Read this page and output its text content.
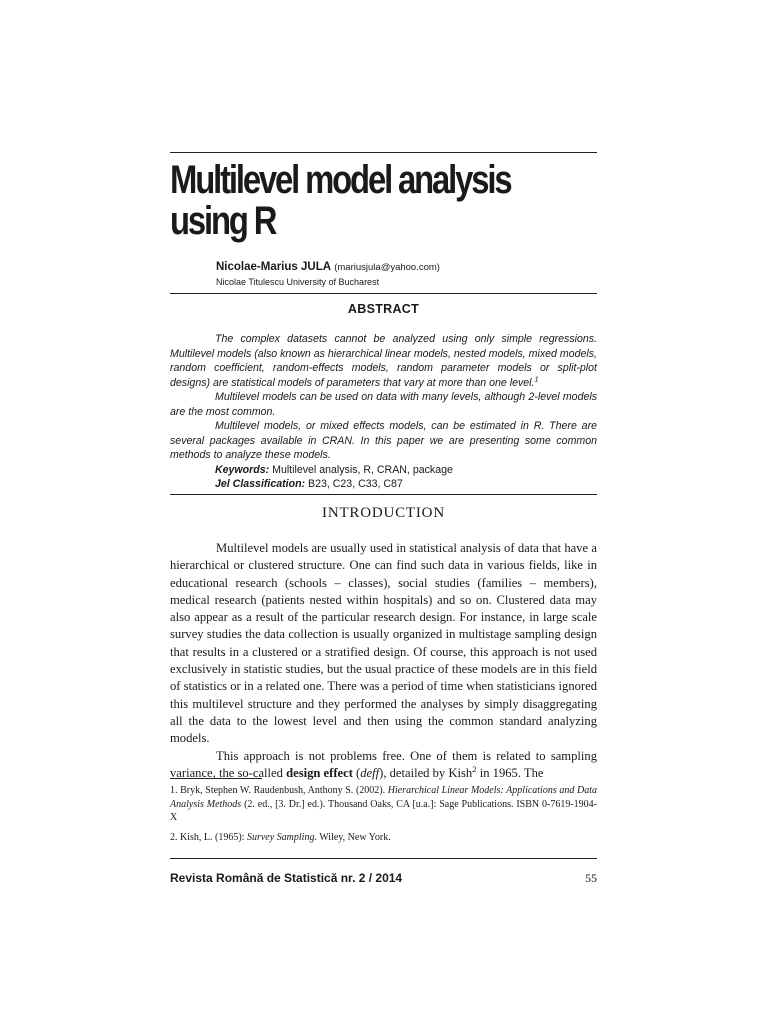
Multilevel model analysis
using R
Nicolae-Marius JULA (mariusjula@yahoo.com)
Nicolae Titulescu University of Bucharest
ABSTRACT

The complex datasets cannot be analyzed using only simple regressions. Multilevel models (also known as hierarchical linear models, nested models, mixed models, random coefficient, random-effects models, random parameter models or split-plot designs) are statistical models of parameters that vary at more than one level.$^1$

Multilevel models can be used on data with many levels, although 2-level models are the most common.

Multilevel models, or mixed effects models, can be estimated in R. There are several packages available in CRAN. In this paper we are presenting some common methods to analyze these models.

Keywords: Multilevel analysis, R, CRAN, package

Jel Classification: B23, C23, C33, C87

INTRODUCTION

Multilevel models are usually used in statistical analysis of data that have a hierarchical or clustered structure. One can find such data in various fields, like in educational research (schools – classes), social studies (families – members), medical research (patients nested within hospitals) and so on. Clustered data may also appear as a result of the particular research design. For instance, in large scale survey studies the data collection is usually organized in multistage sampling design that results in a clustered or a stratified design. Of course, this approach is not used exclusively in statistic studies, but the usual practice of these models are in this field of statistics or in a related one. There was a period of time when statisticians ignored this multilevel structure and they performed the analyses by simply disaggregating all the data to the lowest level and then using the common standard analyzing models.

This approach is not problems free. One of them is related to sampling variance, the so-called design effect (deff), detailed by Kish$^2$ in 1965. The

1. Bryk, Stephen W. Raudenbush, Anthony S. (2002). Hierarchical Linear Models: Applications and Data Analysis Methods (2. ed., [3. Dr.] ed.). Thousand Oaks, CA [u.a.]: Sage Publications. ISBN 0-7619-1904-X

2. Kish, L. (1965): Survey Sampling. Wiley, New York.

Revista Română de Statistică nr. 2 / 2014	55
